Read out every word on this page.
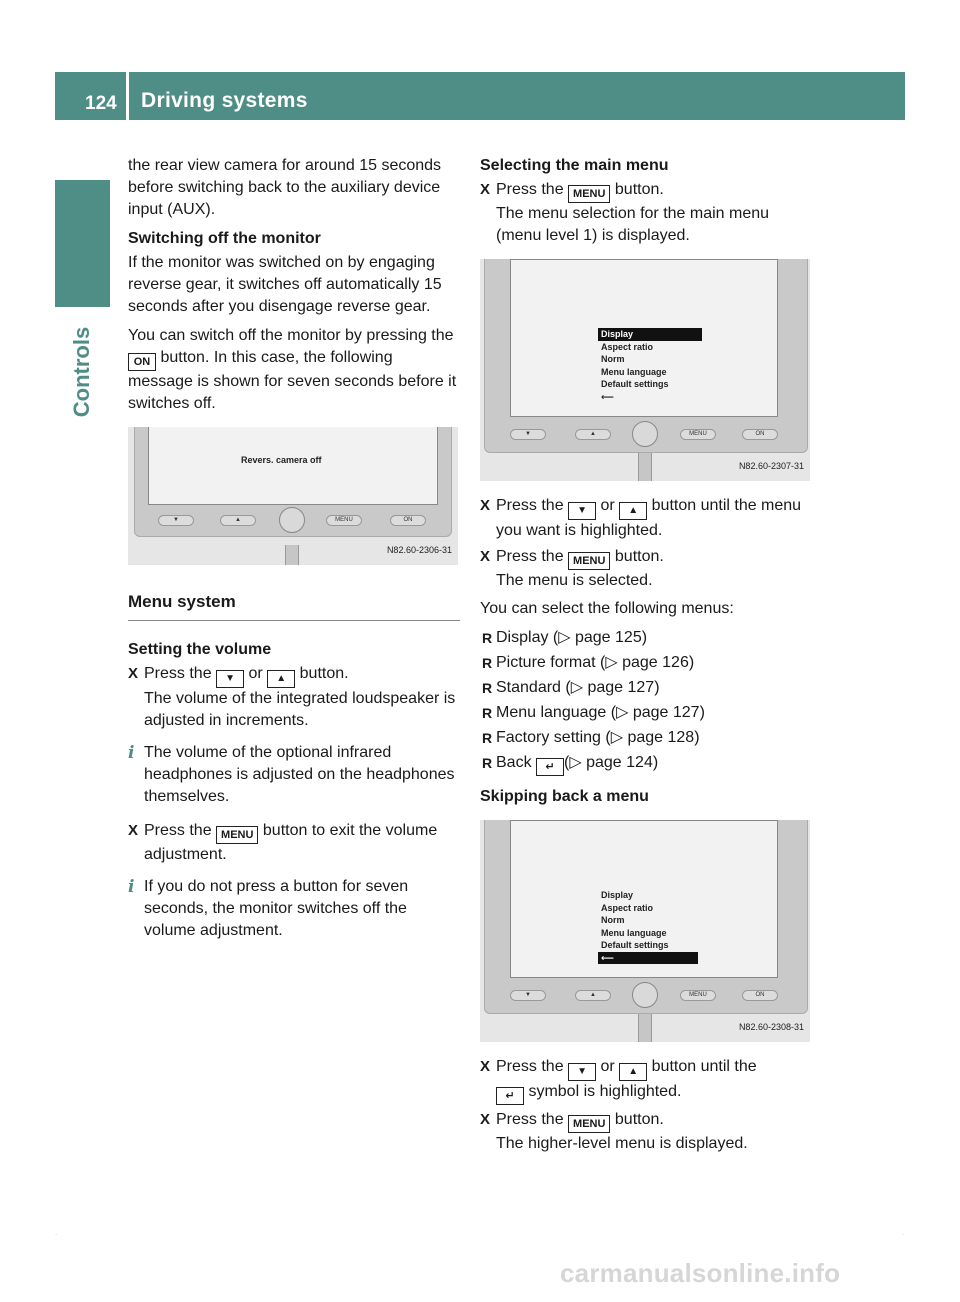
124 Driving systems
Controls

the rear view camera for around 15 seconds before switching back to the auxiliary device input (AUX).

Switching off the monitor

If the monitor was switched on by engaging reverse gear, it switches off automatically 15 seconds after you disengage reverse gear.

You can switch off the monitor by pressing the ON button. In this case, the following message is shown for seven seconds before it switches off.

Revers. camera off
▼	▲	MENU	ON
N82.60-2306-31
Menu system
Setting the volume
X Press the ▼ or ▲ button.
The volume of the integrated loudspeaker is adjusted in increments.
i The volume of the optional infrared headphones is adjusted on the headphones themselves.
X Press the MENU button to exit the volume adjustment.
i If you do not press a button for seven seconds, the monitor switches off the volume adjustment.
Selecting the main menu
X Press the MENU button.
The menu selection for the main menu (menu level 1) is displayed.
Display
Aspect ratio
Norm
Menu language
Default settings
⟵
▼	▲	MENU	ON
N82.60-2307-31
X Press the ▼ or ▲ button until the menu you want is highlighted.
X Press the MENU button.
The menu is selected.

You can select the following menus:

R Display (▷ page 125)
R Picture format (▷ page 126)
R Standard (▷ page 127)
R Menu language (▷ page 127)
R Factory setting (▷ page 128)
R Back ↵ (▷ page 124)
Skipping back a menu
Display
Aspect ratio
Norm
Menu language
Default settings
⟵
▼	▲	MENU	ON
N82.60-2308-31
X Press the ▼ or ▲ button until the
↵ symbol is highlighted.
X Press the MENU button.
The higher-level menu is displayed.
.	.
carmanualsonline.info
